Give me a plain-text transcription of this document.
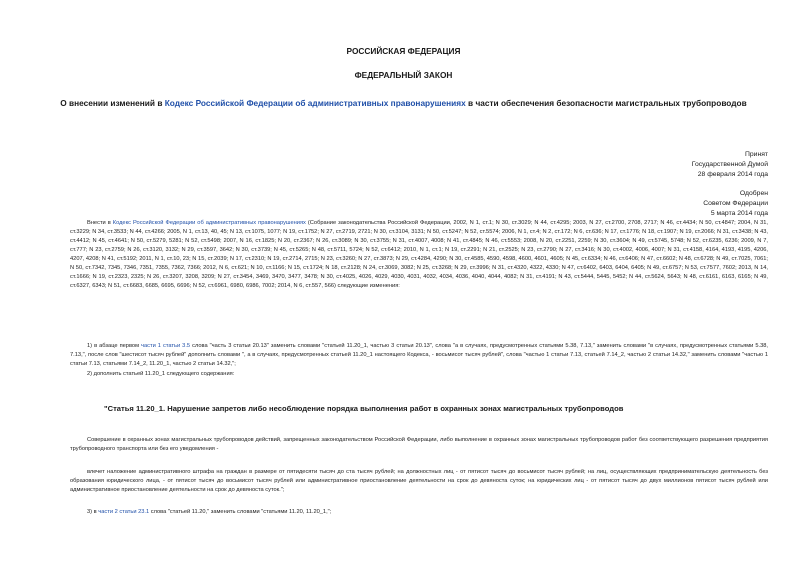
РОССИЙСКАЯ ФЕДЕРАЦИЯ
ФЕДЕРАЛЬНЫЙ ЗАКОН
О внесении изменений в Кодекс Российской Федерации об административных правонарушениях в части обеспечения безопасности магистральных трубопроводов
Принят
Государственной Думой
28 февраля 2014 года
Одобрен
Советом Федерации
5 марта 2014 года
Внести в Кодекс Российской Федерации об административных правонарушениях (Собрание законодательства Российской Федерации, 2002, N 1, ст.1; N 30, ст.3029; N 44, ст.4295; 2003, N 27, ст.2700, 2708, 2717; N 46, ст.4434; N 50, ст.4847; 2004, N 31, ст.3229; N 34, ст.3533; N 44, ст.4266; 2005, N 1, ст.13, 40, 45; N 13, ст.1075, 1077; N 19, ст.1752; N 27, ст.2719, 2721; N 30, ст.3104, 3131; N 50, ст.5247; N 52, ст.5574; 2006, N 1, ст.4; N 2, ст.172; N 6, ст.636; N 17, ст.1776; N 18, ст.1907; N 19, ст.2066; N 31, ст.3438; N 43, ст.4412; N 45, ст.4641; N 50, ст.5279, 5281; N 52, ст.5498; 2007, N 16, ст.1825; N 20, ст.2367; N 26, ст.3089; N 30, ст.3755; N 31, ст.4007, 4008; N 41, ст.4845; N 46, ст.5553; 2008, N 20, ст.2251, 2259; N 30, ст.3604; N 49, ст.5745, 5748; N 52, ст.6235, 6236; 2009, N 7, ст.777; N 23, ст.2759; N 26, ст.3120, 3132; N 29, ст.3597, 3642; N 30, ст.3739; N 45, ст.5265; N 48, ст.5711, 5724; N 52, ст.6412; 2010, N 1, ст.1; N 19, ст.2291; N 21, ст.2525; N 23, ст.2790; N 27, ст.3416; N 30, ст.4002, 4006, 4007; N 31, ст.4158, 4164, 4193, 4195, 4206, 4207, 4208; N 41, ст.5192; 2011, N 1, ст.10, 23; N 15, ст.2039; N 17, ст.2310; N 19, ст.2714, 2715; N 23, ст.3260; N 27, ст.3873; N 29, ст.4284, 4290; N 30, ст.4585, 4590, 4598, 4600, 4601, 4605; N 45, ст.6334; N 46, ст.6406; N 47, ст.6602; N 48, ст.6728; N 49, ст.7025, 7061; N 50, ст.7342, 7345, 7346, 7351, 7355, 7362, 7366; 2012, N 6, ст.621; N 10, ст.1166; N 15, ст.1724; N 18, ст.2128; N 24, ст.3069, 3082; N 25, ст.3268; N 29, ст.3996; N 31, ст.4320, 4322, 4330; N 47, ст.6402, 6403, 6404, 6405; N 49, ст.6757; N 53, ст.7577, 7602; 2013, N 14, ст.1666; N 19, ст.2323, 2325; N 26, ст.3207, 3208, 3209; N 27, ст.3454, 3469, 3470, 3477, 3478; N 30, ст.4025, 4026, 4029, 4030, 4031, 4032, 4034, 4036, 4040, 4044, 4082; N 31, ст.4191; N 43, ст.5444, 5445, 5452; N 44, ст.5624, 5643; N 48, ст.6161, 6163, 6165; N 49, ст.6327, 6343; N 51, ст.6683, 6685, 6695, 6696; N 52, ст.6961, 6980, 6986, 7002; 2014, N 6, ст.557, 566) следующие изменения:
1) в абзаце первом части 1 статьи 3.5 слова "часть 3 статьи 20.13" заменить словами "статьей 11.20_1, частью 3 статьи 20.13", слова "а в случаях, предусмотренных статьями 5.38, 7.13," заменить словами "в случаях, предусмотренных статьями 5.38, 7.13,", после слов "шестисот тысяч рублей" дополнить словами ", а в случаях, предусмотренных статьей 11.20_1 настоящего Кодекса, - восьмисот тысяч рублей", слова "частью 1 статьи 7.13, статьей 7.14_2, частью 2 статьи 14.32," заменить словами "частью 1 статьи 7.13, статьями 7.14_2, 11.20_1, частью 2 статьи 14.32,";
2) дополнить статьей 11.20_1 следующего содержания:
"Статья 11.20_1. Нарушение запретов либо несоблюдение порядка выполнения работ в охранных зонах магистральных трубопроводов
Совершение в охранных зонах магистральных трубопроводов действий, запрещенных законодательством Российской Федерации, либо выполнение в охранных зонах магистральных трубопроводов работ без соответствующего разрешения предприятия трубопроводного транспорта или без его уведомления -
влечет наложение административного штрафа на граждан в размере от пятидесяти тысяч до ста тысяч рублей; на должностных лиц - от пятисот тысяч до восьмисот тысяч рублей; на лиц, осуществляющих предпринимательскую деятельность без образования юридического лица, - от пятисот тысяч до восьмисот тысяч рублей или административное приостановление деятельности на срок до девяноста суток; на юридических лиц - от пятисот тысяч до двух миллионов пятисот тысяч рублей или административное приостановление деятельности на срок до девяноста суток.";
3) в части 2 статьи 23.1 слова "статьей 11.20," заменить словами "статьями 11.20, 11.20_1,";
